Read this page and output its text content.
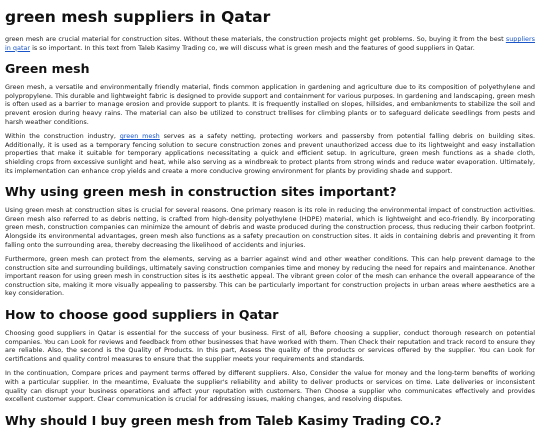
green mesh suppliers in Qatar

green mesh are crucial material for construction sites. Without these materials, the construction projects might get problems. So, buying it from the best suppliers in qatar is so important. In this text from Taleb Kasimy Trading co, we will discuss what is green mesh and the features of good suppliers in Qatar.

Green mesh

Green mesh, a versatile and environmentally friendly material, finds common application in gardening and agriculture due to its composition of polyethylene and polypropylene. This durable and lightweight fabric is designed to provide support and containment for various purposes. In gardening and landscaping, green mesh is often used as a barrier to manage erosion and provide support to plants. It is frequently installed on slopes, hillsides, and embankments to stabilize the soil and prevent erosion during heavy rains. The material can also be utilized to construct trellises for climbing plants or to safeguard delicate seedlings from pests and harsh weather conditions.

Within the construction industry, green mesh serves as a safety netting, protecting workers and passersby from potential falling debris on building sites. Additionally, it is used as a temporary fencing solution to secure construction zones and prevent unauthorized access due to its lightweight and easy installation properties that make it suitable for temporary applications necessitating a quick and efficient setup. In agriculture, green mesh functions as a shade cloth, shielding crops from excessive sunlight and heat, while also serving as a windbreak to protect plants from strong winds and reduce water evaporation. Ultimately, its implementation can enhance crop yields and create a more conducive growing environment for plants by providing shade and support.

Why using green mesh in construction sites important?

Using green mesh at construction sites is crucial for several reasons. One primary reason is its role in reducing the environmental impact of construction activities. Green mesh also referred to as debris netting, is crafted from high-density polyethylene (HDPE) material, which is lightweight and eco-friendly. By incorporating green mesh, construction companies can minimize the amount of debris and waste produced during the construction process, thus reducing their carbon footprint. Alongside its environmental advantages, green mesh also functions as a safety precaution on construction sites. It aids in containing debris and preventing it from falling onto the surrounding area, thereby decreasing the likelihood of accidents and injuries.

Furthermore, green mesh can protect from the elements, serving as a barrier against wind and other weather conditions. This can help prevent damage to the construction site and surrounding buildings, ultimately saving construction companies time and money by reducing the need for repairs and maintenance. Another important reason for using green mesh in construction sites is its aesthetic appeal. The vibrant green color of the mesh can enhance the overall appearance of the construction site, making it more visually appealing to passersby. This can be particularly important for construction projects in urban areas where aesthetics are a key consideration.

How to choose good suppliers in Qatar

Choosing good suppliers in Qatar is essential for the success of your business. First of all, Before choosing a supplier, conduct thorough research on potential companies. You can Look for reviews and feedback from other businesses that have worked with them. Then Check their reputation and track record to ensure they are reliable. Also, the second is the Quality of Products. In this part, Assess the quality of the products or services offered by the supplier. You can Look for certifications and quality control measures to ensure that the supplier meets your requirements and standards.

In the continuation, Compare prices and payment terms offered by different suppliers. Also, Consider the value for money and the long-term benefits of working with a particular supplier. In the meantime, Evaluate the supplier's reliability and ability to deliver products or services on time. Late deliveries or inconsistent quality can disrupt your business operations and affect your reputation with customers. Then Choose a supplier who communicates effectively and provides excellent customer support. Clear communication is crucial for addressing issues, making changes, and resolving disputes.

Why should I buy green mesh from Taleb Kasimy Trading CO.?
